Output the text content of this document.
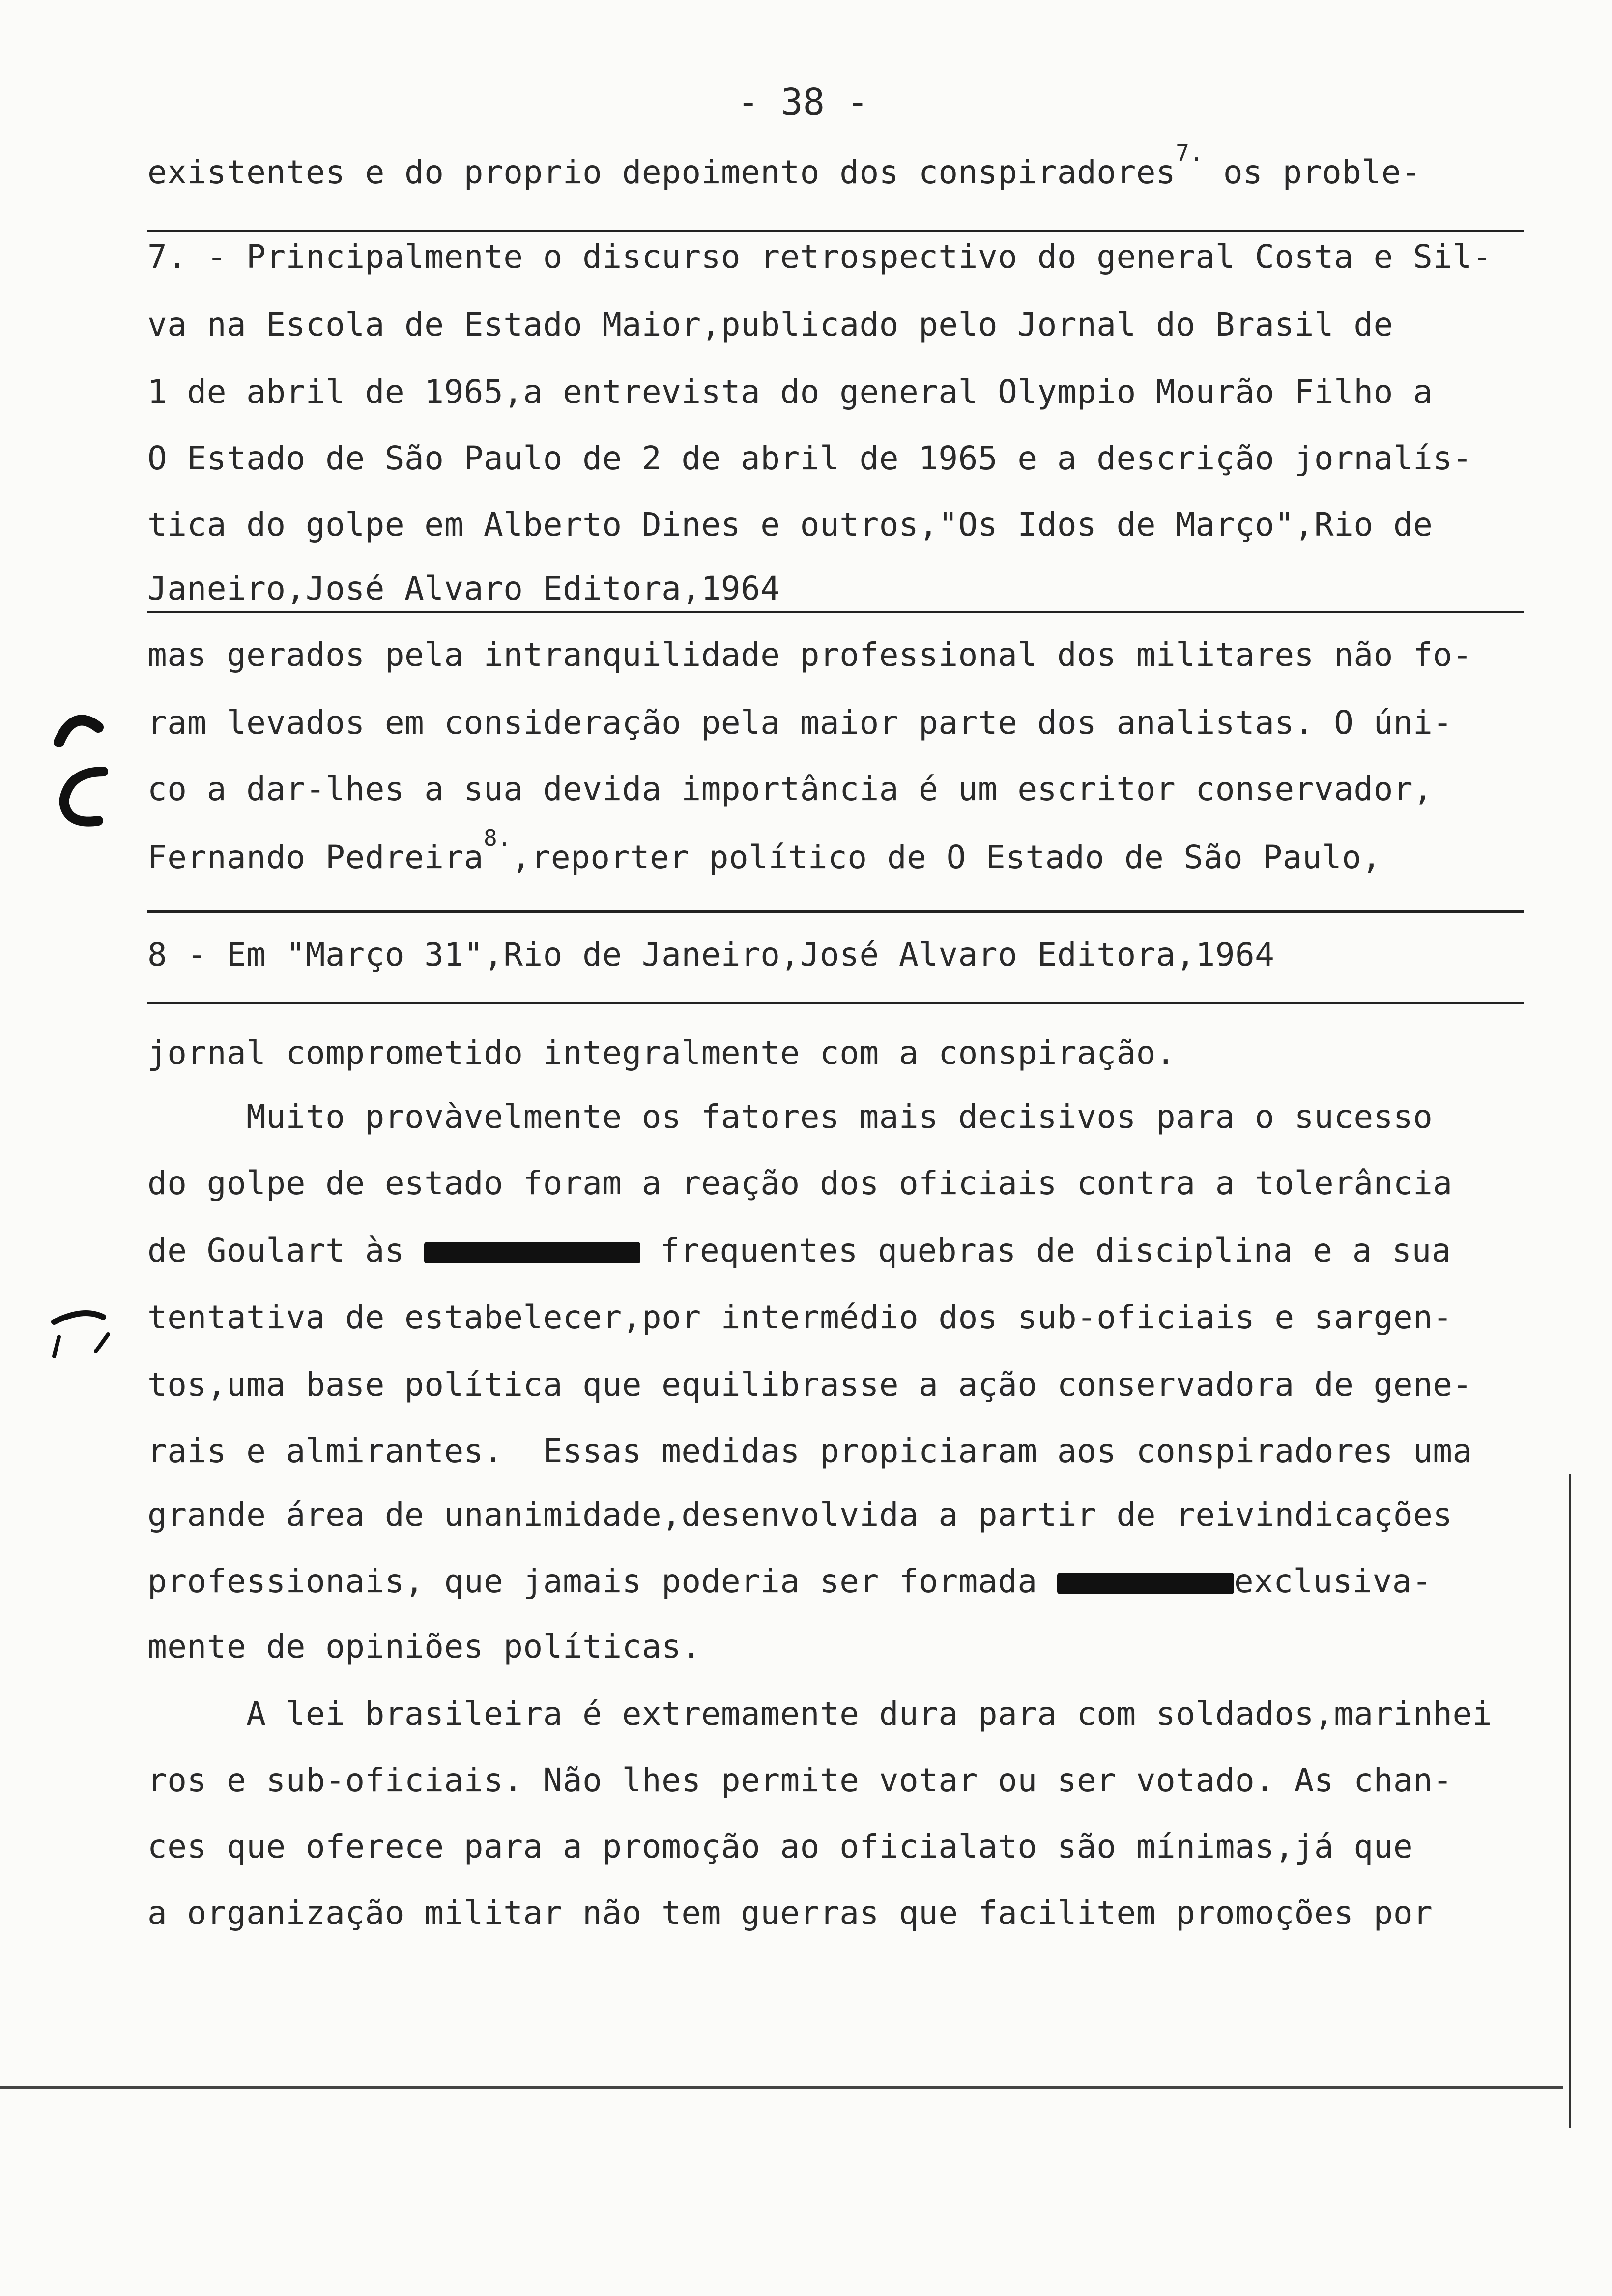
- 38 -
existentes e do proprio depoimento dos conspiradores$^{7.}$ os proble-
7. - Principalmente o discurso retrospectivo do general Costa e Sil-
va na Escola de Estado Maior,publicado pelo Jornal do Brasil de
1 de abril de 1965,a entrevista do general Olympio Mourão Filho a
O Estado de São Paulo de 2 de abril de 1965 e a descrição jornalís-
tica do golpe em Alberto Dines e outros,"Os Idos de Março",Rio de
Janeiro,José Alvaro Editora,1964
mas gerados pela intranquilidade professional dos militares não fo-
ram levados em consideração pela maior parte dos analistas. O úni-
co a dar-lhes a sua devida importância é um escritor conservador,
Fernando Pedreira$^{8.}$,reporter político de O Estado de São Paulo,
8 - Em "Março 31",Rio de Janeiro,José Alvaro Editora,1964
jornal comprometido integralmente com a conspiração.
Muito provàvelmente os fatores mais decisivos para o sucesso
do golpe de estado foram a reação dos oficiais contra a tolerância
de Goulart às	frequentes quebras de disciplina e a sua
tentativa de estabelecer,por intermédio dos sub-oficiais e sargen-
tos,uma base política que equilibrasse a ação conservadora de gene-
rais e almirantes.  Essas medidas propiciaram aos conspiradores uma
grande área de unanimidade,desenvolvida a partir de reivindicações
professionais, que jamais poderia ser formada	exclusiva-
mente de opiniões políticas.
A lei brasileira é extremamente dura para com soldados,marinhei
ros e sub-oficiais. Não lhes permite votar ou ser votado. As chan-
ces que oferece para a promoção ao oficialato são mínimas,já que
a organização militar não tem guerras que facilitem promoções por
